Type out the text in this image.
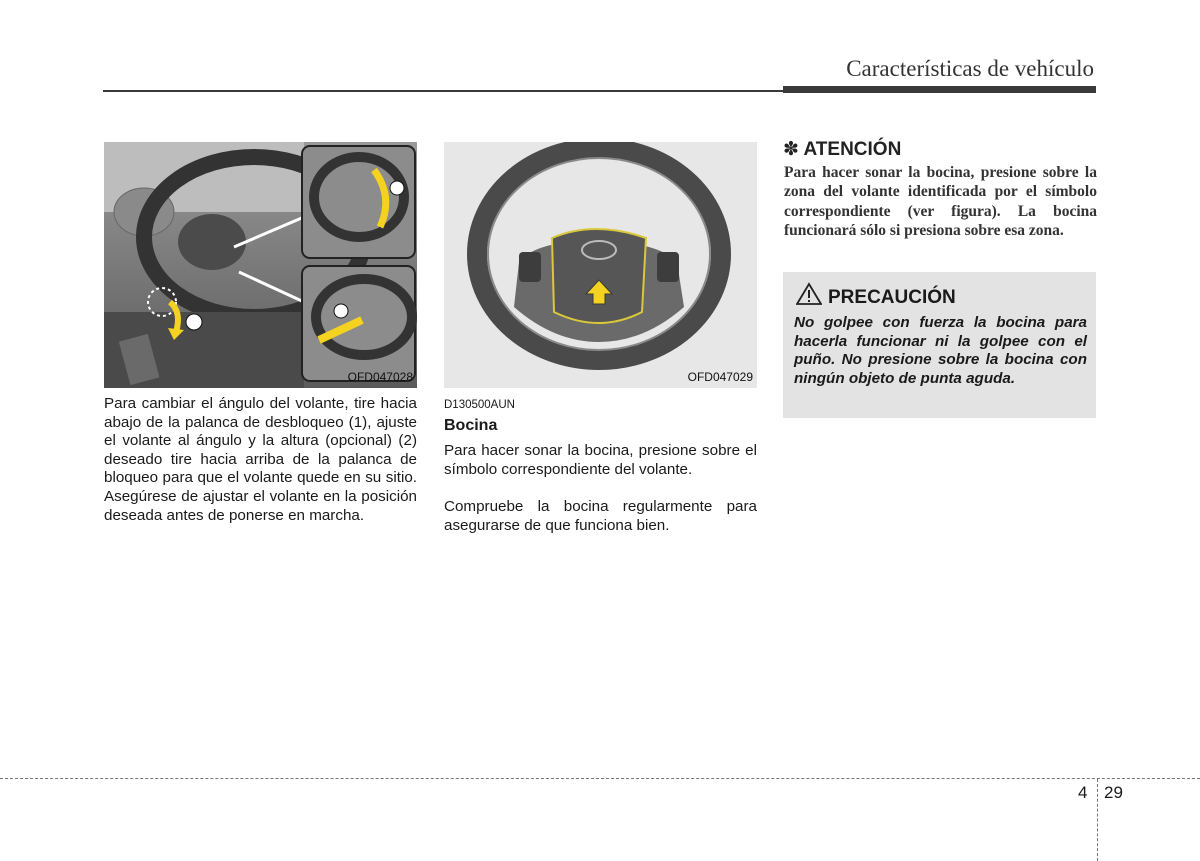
Características de vehículo
OFD047028

Para cambiar el ángulo del volante, tire hacia abajo de la palanca de desbloqueo (1), ajuste el volante al ángulo y la altura (opcional) (2) deseado tire hacia arriba de la palanca de bloqueo para que el volante quede en su sitio. Asegúrese de ajustar el volante en la posición deseada antes de ponerse en marcha.

OFD047029
D130500AUN
Bocina

Para hacer sonar la bocina, presione sobre el símbolo correspondiente del volante.

Compruebe la bocina regularmente para asegurarse de que funciona bien.

✽ ATENCIÓN

Para hacer sonar la bocina, presione sobre la zona del volante identificada por el símbolo correspondiente (ver figura). La bocina funcionará sólo si presiona sobre esa zona.

PRECAUCIÓN

No golpee con fuerza la bocina para hacerla funcionar ni la golpee con el puño. No presione sobre la bocina con ningún objeto de punta aguda.

4 29
